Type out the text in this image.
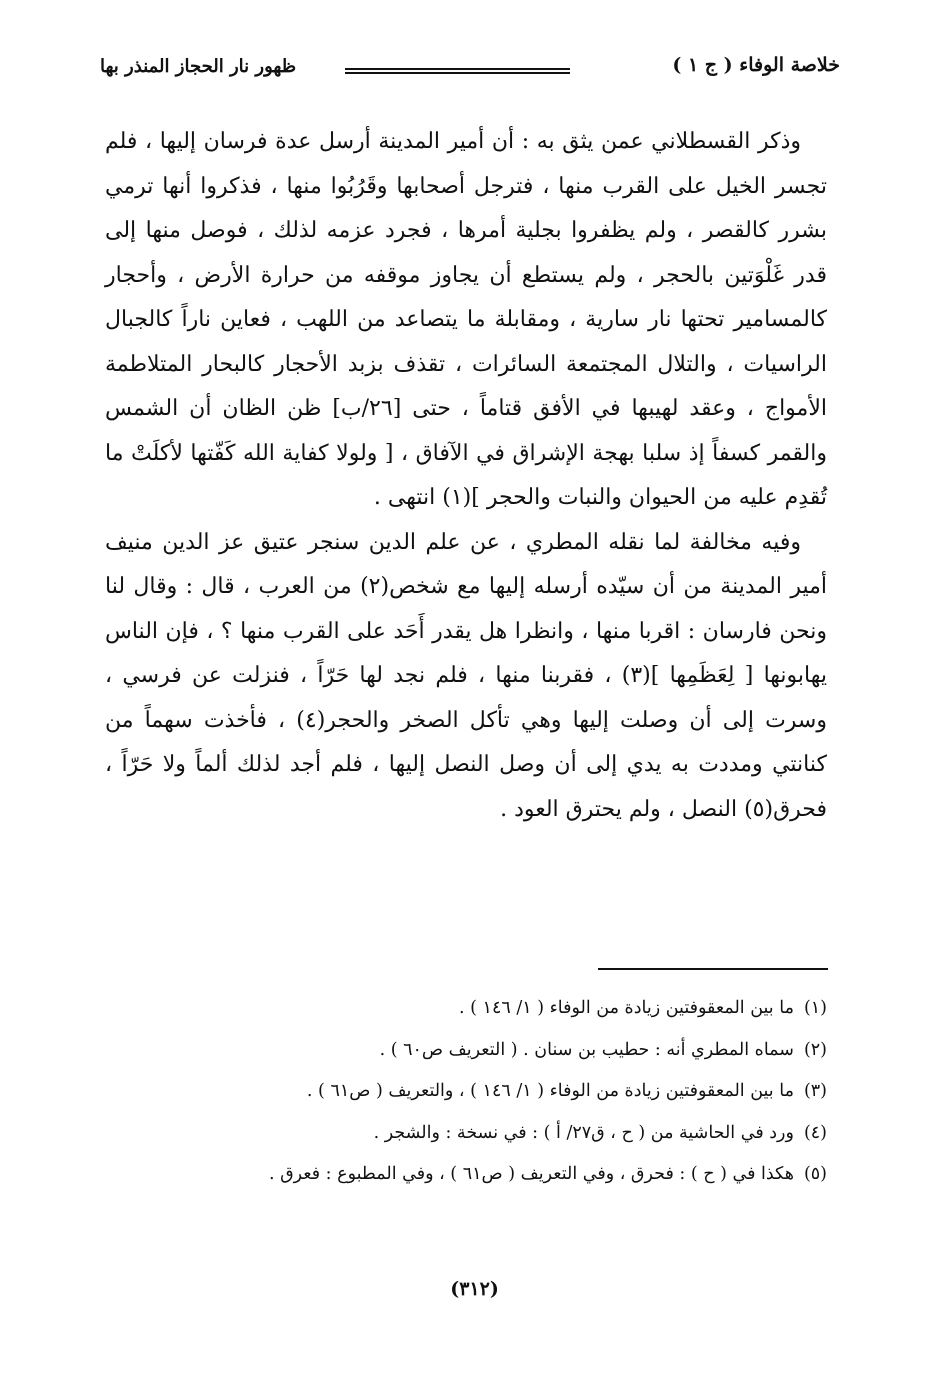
خلاصة الوفاء ( ج ١ )
ظهور نار الحجاز المنذر بها

وذكر القسطلاني عمن يثق به : أن أمير المدينة أرسل عدة فرسان إليها ، فلم تجسر الخيل على القرب منها ، فترجل أصحابها وقَرُبُوا منها ، فذكروا أنها ترمي بشرر كالقصر ، ولم يظفروا بجلية أمرها ، فجرد عزمه لذلك ، فوصل منها إلى قدر غَلْوَتين بالحجر ، ولم يستطع أن يجاوز موقفه من حرارة الأرض ، وأحجار كالمسامير تحتها نار سارية ، ومقابلة ما يتصاعد من اللهب ، فعاين ناراً كالجبال الراسيات ، والتلال المجتمعة السائرات ، تقذف بزبد الأحجار كالبحار المتلاطمة الأمواج ، وعقد لهيبها في الأفق قتاماً ، حتى [٢٦/ب] ظن الظان أن الشمس والقمر كسفاً إذ سلبا بهجة الإشراق في الآفاق ، [ ولولا كفاية الله كَفّتها لأكلَتْ ما تُقدِم عليه من الحيوان والنبات والحجر ](١) انتهى .

وفيه مخالفة لما نقله المطري ، عن علم الدين سنجر عتيق عز الدين منيف أمير المدينة من أن سيّده أرسله إليها مع شخص(٢) من العرب ، قال : وقال لنا ونحن فارسان : اقربا منها ، وانظرا هل يقدر أَحَد على القرب منها ؟ ، فإن الناس يهابونها [ لِعَظَمِها ](٣) ، فقربنا منها ، فلم نجد لها حَرّاً ، فنزلت عن فرسي ، وسرت إلى أن وصلت إليها وهي تأكل الصخر والحجر(٤) ، فأخذت سهماً من كنانتي ومددت به يدي إلى أن وصل النصل إليها ، فلم أجد لذلك ألماً ولا حَرّاً ، فحرق(٥) النصل ، ولم يحترق العود .

(١)ما بين المعقوفتين زيادة من الوفاء ( ١/ ١٤٦ ) .
(٢)سماه المطري أنه : حطيب بن سنان . ( التعريف ص٦٠ ) .
(٣)ما بين المعقوفتين زيادة من الوفاء ( ١/ ١٤٦ ) ، والتعريف ( ص٦١ ) .
(٤)ورد في الحاشية من ( ح ، ق٢٧/ أ ) : في نسخة : والشجر .
(٥)هكذا في ( ح ) : فحرق ، وفي التعريف ( ص٦١ ) ، وفي المطبوع : فعرق .
(٣١٢)
